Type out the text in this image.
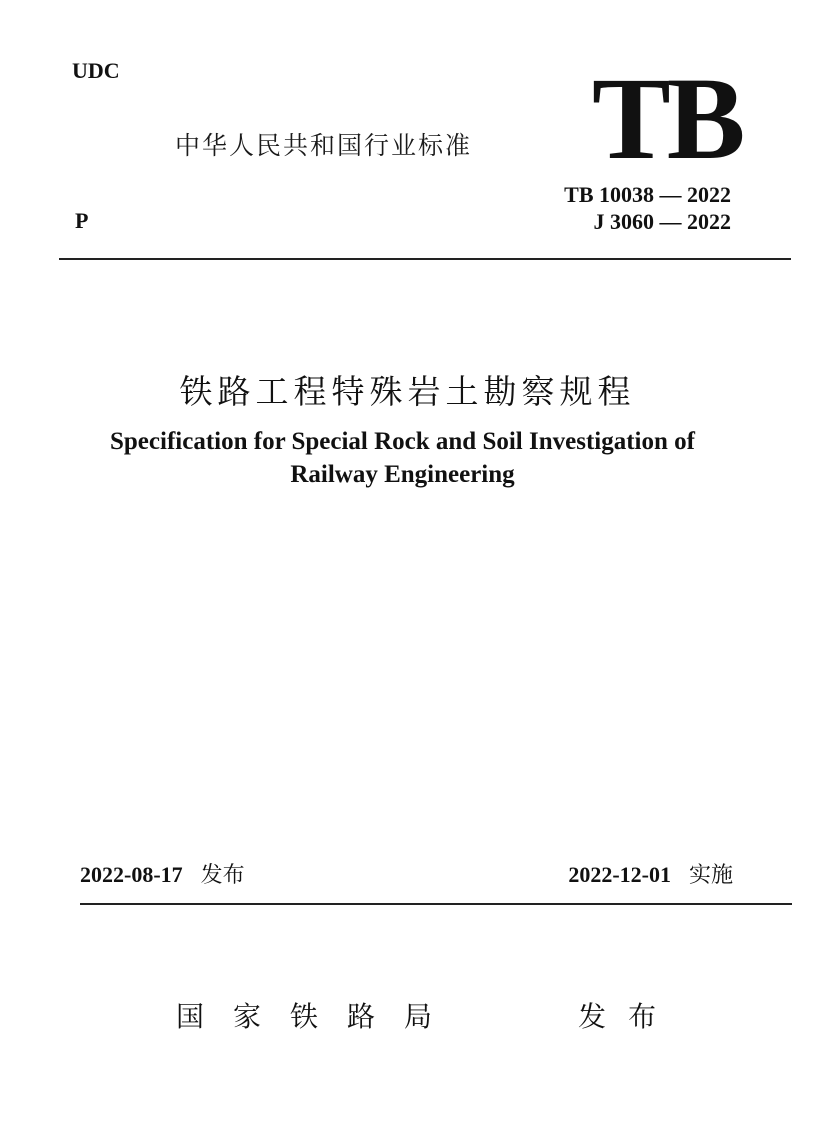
UDC
中华人民共和国行业标准 TB
TB 10038 — 2022
J 3060 — 2022
P
铁路工程特殊岩土勘察规程
Specification for Special Rock and Soil Investigation of
Railway Engineering
2022-08-17 发布	2022-12-01 实施
国家铁路局	发布
